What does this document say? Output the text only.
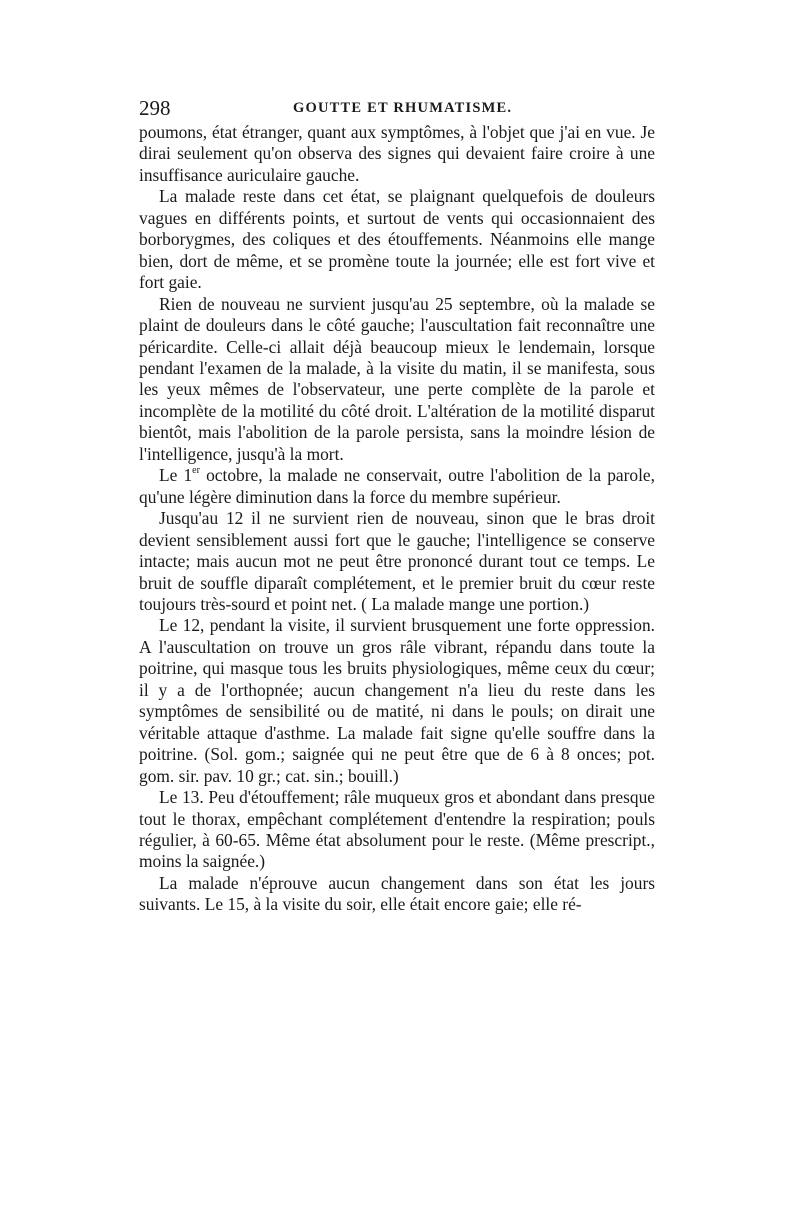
298	GOUTTE ET RHUMATISME.

poumons, état étranger, quant aux symptômes, à l'objet que j'ai en vue. Je dirai seulement qu'on observa des signes qui devaient faire croire à une insuffisance auriculaire gauche.

La malade reste dans cet état, se plaignant quelquefois de douleurs vagues en différents points, et surtout de vents qui occasionnaient des borborygmes, des coliques et des étouffements. Néanmoins elle mange bien, dort de même, et se promène toute la journée; elle est fort vive et fort gaie.

Rien de nouveau ne survient jusqu'au 25 septembre, où la malade se plaint de douleurs dans le côté gauche; l'auscultation fait reconnaître une péricardite. Celle-ci allait déjà beaucoup mieux le lendemain, lorsque pendant l'examen de la malade, à la visite du matin, il se manifesta, sous les yeux mêmes de l'observateur, une perte complète de la parole et incomplète de la motilité du côté droit. L'altération de la motilité disparut bientôt, mais l'abolition de la parole persista, sans la moindre lésion de l'intelligence, jusqu'à la mort.

Le 1er octobre, la malade ne conservait, outre l'abolition de la parole, qu'une légère diminution dans la force du membre supérieur.

Jusqu'au 12 il ne survient rien de nouveau, sinon que le bras droit devient sensiblement aussi fort que le gauche; l'intelligence se conserve intacte; mais aucun mot ne peut être prononcé durant tout ce temps. Le bruit de souffle diparaît complétement, et le premier bruit du cœur reste toujours très-sourd et point net. ( La malade mange une portion.)

Le 12, pendant la visite, il survient brusquement une forte oppression. A l'auscultation on trouve un gros râle vibrant, répandu dans toute la poitrine, qui masque tous les bruits physiologiques, même ceux du cœur; il y a de l'orthopnée; aucun changement n'a lieu du reste dans les symptômes de sensibilité ou de matité, ni dans le pouls; on dirait une véritable attaque d'asthme. La malade fait signe qu'elle souffre dans la poitrine. (Sol. gom.; saignée qui ne peut être que de 6 à 8 onces; pot. gom. sir. pav. 10 gr.; cat. sin.; bouill.)

Le 13. Peu d'étouffement; râle muqueux gros et abondant dans presque tout le thorax, empêchant complétement d'entendre la respiration; pouls régulier, à 60-65. Même état absolument pour le reste. (Même prescript., moins la saignée.)

La malade n'éprouve aucun changement dans son état les jours suivants. Le 15, à la visite du soir, elle était encore gaie; elle ré-
